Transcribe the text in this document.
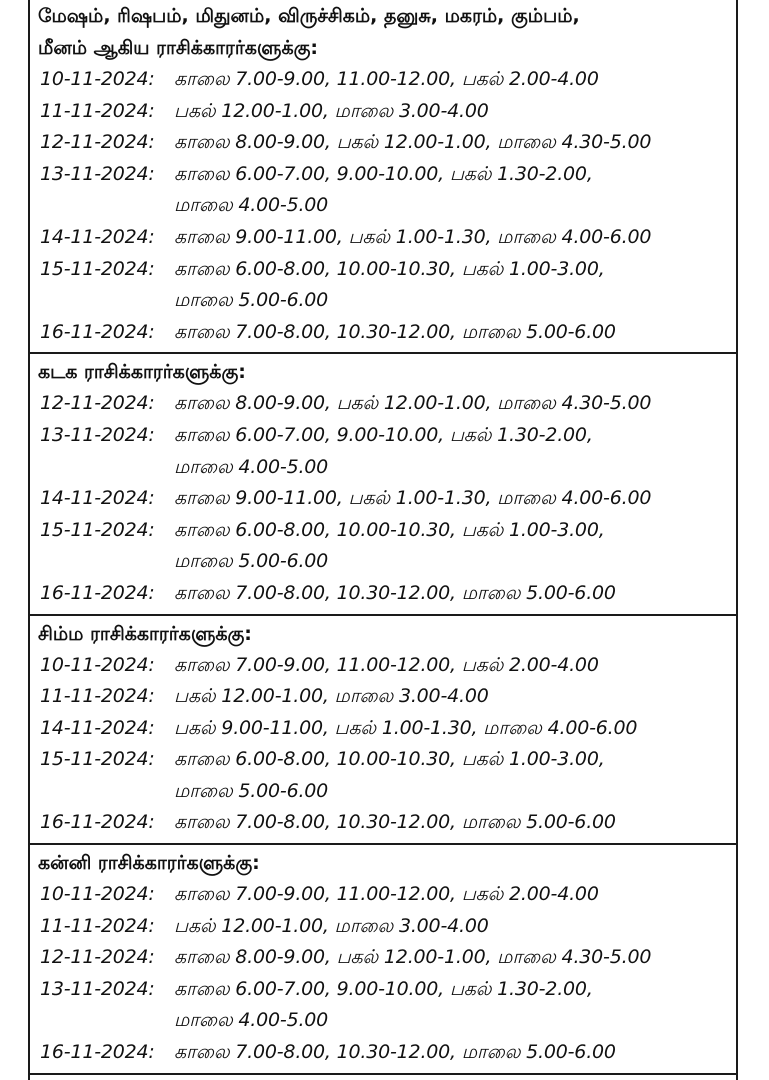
மேஷம், ரிஷபம், மிதுனம், விருச்சிகம், தனுசு, மகரம், கும்பம்,
மீனம் ஆகிய ராசிக்காரர்களுக்கு:
10-11-2024:	காலை 7.00-9.00, 11.00-12.00, பகல் 2.00-4.00
11-11-2024:	பகல் 12.00-1.00, மாலை 3.00-4.00
12-11-2024:	காலை 8.00-9.00, பகல் 12.00-1.00, மாலை 4.30-5.00
13-11-2024:	காலை 6.00-7.00, 9.00-10.00, பகல் 1.30-2.00,
மாலை 4.00-5.00
14-11-2024:	காலை 9.00-11.00, பகல் 1.00-1.30, மாலை 4.00-6.00
15-11-2024:	காலை 6.00-8.00, 10.00-10.30, பகல் 1.00-3.00,
மாலை 5.00-6.00
16-11-2024:	காலை 7.00-8.00, 10.30-12.00, மாலை 5.00-6.00
கடக ராசிக்காரர்களுக்கு:
12-11-2024:	காலை 8.00-9.00, பகல் 12.00-1.00, மாலை 4.30-5.00
13-11-2024:	காலை 6.00-7.00, 9.00-10.00, பகல் 1.30-2.00,
மாலை 4.00-5.00
14-11-2024:	காலை 9.00-11.00, பகல் 1.00-1.30, மாலை 4.00-6.00
15-11-2024:	காலை 6.00-8.00, 10.00-10.30, பகல் 1.00-3.00,
மாலை 5.00-6.00
16-11-2024:	காலை 7.00-8.00, 10.30-12.00, மாலை 5.00-6.00
சிம்ம ராசிக்காரர்களுக்கு:
10-11-2024:	காலை 7.00-9.00, 11.00-12.00, பகல் 2.00-4.00
11-11-2024:	பகல் 12.00-1.00, மாலை 3.00-4.00
14-11-2024:	பகல் 9.00-11.00, பகல் 1.00-1.30, மாலை 4.00-6.00
15-11-2024:	காலை 6.00-8.00, 10.00-10.30, பகல் 1.00-3.00,
மாலை 5.00-6.00
16-11-2024:	காலை 7.00-8.00, 10.30-12.00, மாலை 5.00-6.00
கன்னி ராசிக்காரர்களுக்கு:
10-11-2024:	காலை 7.00-9.00, 11.00-12.00, பகல் 2.00-4.00
11-11-2024:	பகல் 12.00-1.00, மாலை 3.00-4.00
12-11-2024:	காலை 8.00-9.00, பகல் 12.00-1.00, மாலை 4.30-5.00
13-11-2024:	காலை 6.00-7.00, 9.00-10.00, பகல் 1.30-2.00,
மாலை 4.00-5.00
16-11-2024:	காலை 7.00-8.00, 10.30-12.00, மாலை 5.00-6.00
